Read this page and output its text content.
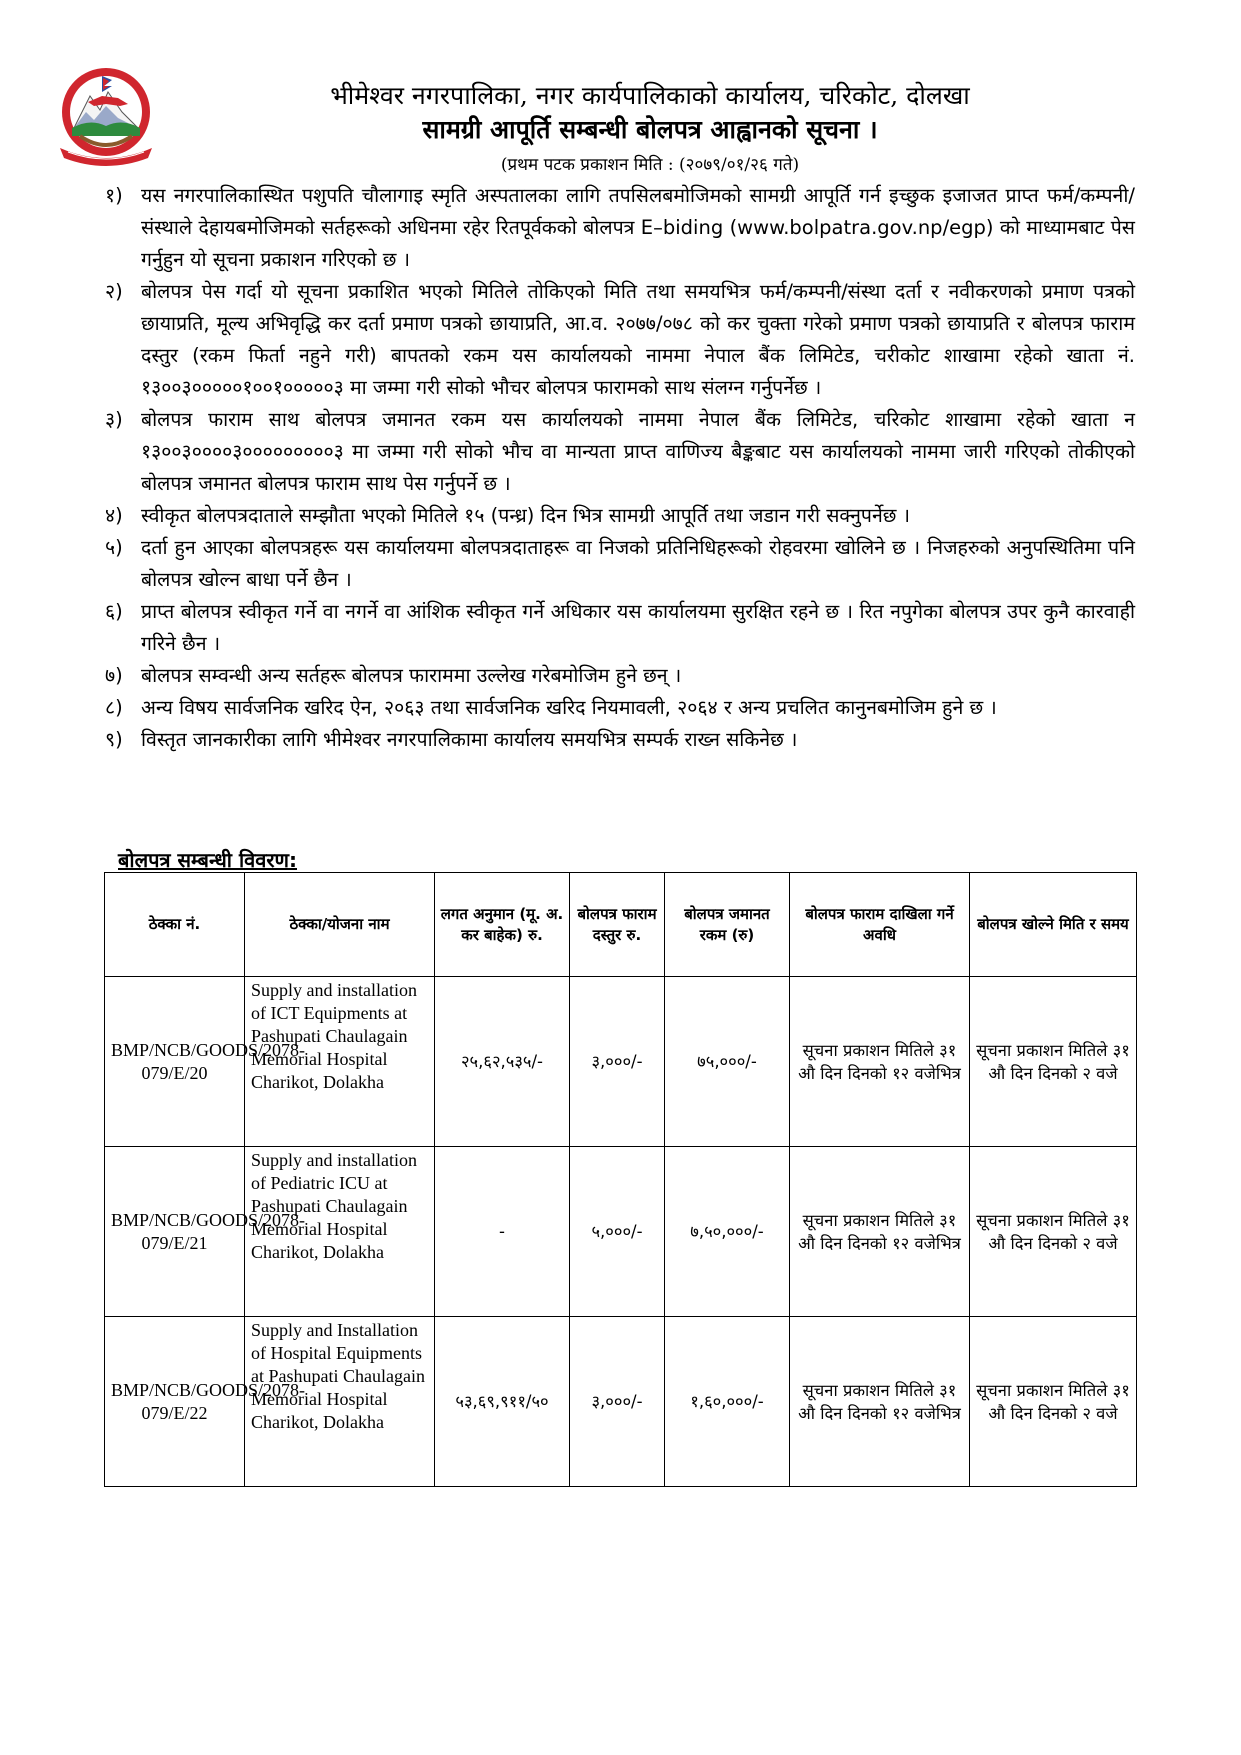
भीमेश्वर नगरपालिका, नगर कार्यपालिकाको कार्यालय, चरिकोट, दोलखा
सामग्री आपूर्ति सम्बन्धी बोलपत्र आह्वानको सूचना ।
(प्रथम पटक प्रकाशन मिति : (२०७९/०१/२६ गते)

१) यस नगरपालिकास्थित पशुपति चौलागाइ स्मृति अस्पतालका लागि तपसिलबमोजिमको सामग्री आपूर्ति गर्न इच्छुक इजाजत प्राप्त फर्म/कम्पनी/संस्थाले देहायबमोजिमको सर्तहरूको अधिनमा रहेर रितपूर्वकको बोलपत्र E–biding (www.bolpatra.gov.np/egp) को माध्यामबाट पेस गर्नुहुन यो सूचना प्रकाशन गरिएको छ ।

२) बोलपत्र पेस गर्दा यो सूचना प्रकाशित भएको मितिले तोकिएको मिति तथा समयभित्र फर्म/कम्पनी/संस्था दर्ता र नवीकरणको प्रमाण पत्रको छायाप्रति, मूल्य अभिवृद्धि कर दर्ता प्रमाण पत्रको छायाप्रति, आ.व. २०७७/०७८ को कर चुक्ता गरेको प्रमाण पत्रको छायाप्रति र बोलपत्र फाराम दस्तुर (रकम फिर्ता नहुने गरी) बापतको रकम यस कार्यालयको नाममा नेपाल बैंक लिमिटेड, चरीकोट शाखामा रहेको खाता नं. १३००३०००००१००१०००००३ मा जम्मा गरी सोको भौचर बोलपत्र फारामको साथ संलग्न गर्नुपर्नेछ ।

३) बोलपत्र फाराम साथ बोलपत्र जमानत रकम यस कार्यालयको नाममा नेपाल बैंक लिमिटेड, चरिकोट शाखामा रहेको खाता न १३००३००००३०००००००००३ मा जम्मा गरी सोको भौच वा मान्यता प्राप्त वाणिज्य बैङ्कबाट यस कार्यालयको नाममा जारी गरिएको तोकीएको बोलपत्र जमानत बोलपत्र फाराम साथ पेस गर्नुपर्ने छ ।

४) स्वीकृत बोलपत्रदाताले सम्झौता भएको मितिले १५ (पन्ध्र) दिन भित्र सामग्री आपूर्ति तथा जडान गरी सक्नुपर्नेछ ।

५) दर्ता हुन आएका बोलपत्रहरू यस कार्यालयमा बोलपत्रदाताहरू वा निजको प्रतिनिधिहरूको रोहवरमा खोलिने छ । निजहरुको अनुपस्थितिमा पनि बोलपत्र खोल्न बाधा पर्ने छैन ।

६) प्राप्त बोलपत्र स्वीकृत गर्ने वा नगर्ने वा आंशिक स्वीकृत गर्ने अधिकार यस कार्यालयमा सुरक्षित रहने छ । रित नपुगेका बोलपत्र उपर कुनै कारवाही गरिने छैन ।

७) बोलपत्र सम्वन्धी अन्य सर्तहरू बोलपत्र फाराममा उल्लेख गरेबमोजिम हुने छन् ।

८) अन्य विषय सार्वजनिक खरिद ऐन, २०६३ तथा सार्वजनिक खरिद नियमावली, २०६४ र अन्य प्रचलित कानुनबमोजिम हुने छ ।

९) विस्तृत जानकारीका लागि भीमेश्वर नगरपालिकामा कार्यालय समयभित्र सम्पर्क राख्न सकिनेछ ।

बोलपत्र सम्बन्धी विवरण:
ठेक्का नं.	ठेक्का/योजना नाम	लगत अनुमान (मू. अ. कर बाहेक) रु.	बोलपत्र फाराम दस्तुर रु.	बोलपत्र जमानत रकम (रु)	बोलपत्र फाराम दाखिला गर्ने अवधि	बोलपत्र खोल्ने मिति र समय
BMP/NCB/GOODS/2078-079/E/20	Supply and installation of ICT Equipments at Pashupati Chaulagain Memorial Hospital Charikot, Dolakha	२५,६२,५३५/-	३,०००/-	७५,०००/-	सूचना प्रकाशन मितिले ३१ औ दिन दिनको १२ वजेभित्र	सूचना प्रकाशन मितिले ३१ औ दिन दिनको २ वजे
BMP/NCB/GOODS/2078-079/E/21	Supply and installation of Pediatric ICU at Pashupati Chaulagain Memorial Hospital Charikot, Dolakha	-	५,०००/-	७,५०,०००/-	सूचना प्रकाशन मितिले ३१ औ दिन दिनको १२ वजेभित्र	सूचना प्रकाशन मितिले ३१ औ दिन दिनको २ वजे
BMP/NCB/GOODS/2078-079/E/22	Supply and Installation of Hospital Equipments at Pashupati Chaulagain Memorial Hospital Charikot, Dolakha	५३,६९,९११/५०	३,०००/-	१,६०,०००/-	सूचना प्रकाशन मितिले ३१ औ दिन दिनको १२ वजेभित्र	सूचना प्रकाशन मितिले ३१ औ दिन दिनको २ वजे
